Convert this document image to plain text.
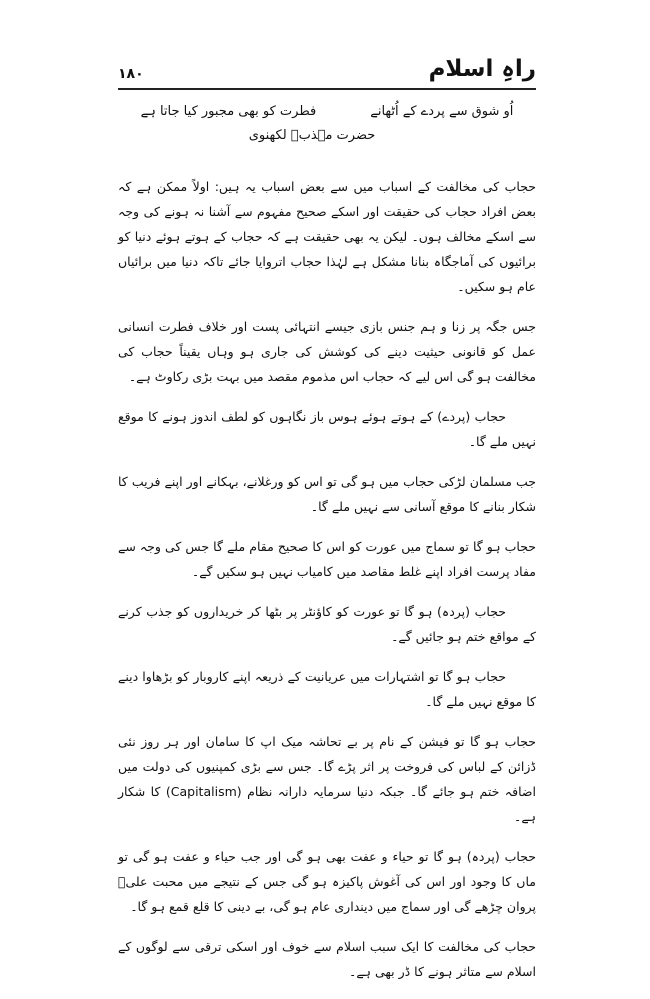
۱۸۰	راہِ اسلام
اُو شوق سے پردے کے اُٹھانے
فطرت کو بھی مجبور کیا جاتا ہے
حضرت مہذبؔ لکھنوی

حجاب کی مخالفت کے اسباب میں سے بعض اسباب یہ ہیں: اولاً ممکن ہے کہ بعض افراد حجاب کی حقیقت اور اسکے صحیح مفہوم سے آشنا نہ ہونے کی وجہ سے اسکے مخالف ہوں۔ لیکن یہ بھی حقیقت ہے کہ حجاب کے ہوتے ہوئے دنیا کو برائیوں کی آماجگاہ بنانا مشکل ہے لہٰذا حجاب اتروایا جائے تاکہ دنیا میں برائیاں عام ہو سکیں۔

جس جگہ پر زنا و ہم جنس بازی جیسے انتہائی پست اور خلاف فطرت انسانی عمل کو قانونی حیثیت دینے کی کوشش کی جاری ہو وہاں یقیناً حجاب کی مخالفت ہو گی اس لیے کہ حجاب اس مذموم مقصد میں بہت بڑی رکاوٹ ہے۔

حجاب (پردے) کے ہوتے ہوئے ہوس باز نگاہوں کو لطف اندوز ہونے کا موقع نہیں ملے گا۔

جب مسلمان لڑکی حجاب میں ہو گی تو اس کو ورغلانے، بہکانے اور اپنے فریب کا شکار بنانے کا موقع آسانی سے نہیں ملے گا۔

حجاب ہو گا تو سماج میں عورت کو اس کا صحیح مقام ملے گا جس کی وجہ سے مفاد پرست افراد اپنے غلط مقاصد میں کامیاب نہیں ہو سکیں گے۔

حجاب (پردہ) ہو گا تو عورت کو کاؤنٹر پر بٹھا کر خریداروں کو جذب کرنے کے مواقع ختم ہو جائیں گے۔

حجاب ہو گا تو اشتہارات میں عریانیت کے ذریعہ اپنے کاروبار کو بڑھاوا دینے کا موقع نہیں ملے گا۔

حجاب ہو گا تو فیشن کے نام پر بے تحاشہ میک اپ کا سامان اور ہر روز نئی ڈزائن کے لباس کی فروخت پر اثر پڑے گا۔ جس سے بڑی کمپنیوں کی دولت میں اضافہ ختم ہو جائے گا۔ جبکہ دنیا سرمایہ دارانہ نظام (Capitalism) کا شکار ہے۔

حجاب (پردہ) ہو گا تو حیاء و عفت بھی ہو گی اور جب حیاء و عفت ہو گی تو ماں کا وجود اور اس کی آغوش پاکیزہ ہو گی جس کے نتیجے میں محبت علیؑ پروان چڑھے گی اور سماج میں دینداری عام ہو گی، بے دینی کا قلع قمع ہو گا۔

حجاب کی مخالفت کا ایک سبب اسلام سے خوف اور اسکی ترقی سے لوگوں کے اسلام سے متاثر ہونے کا ڈر بھی ہے۔
